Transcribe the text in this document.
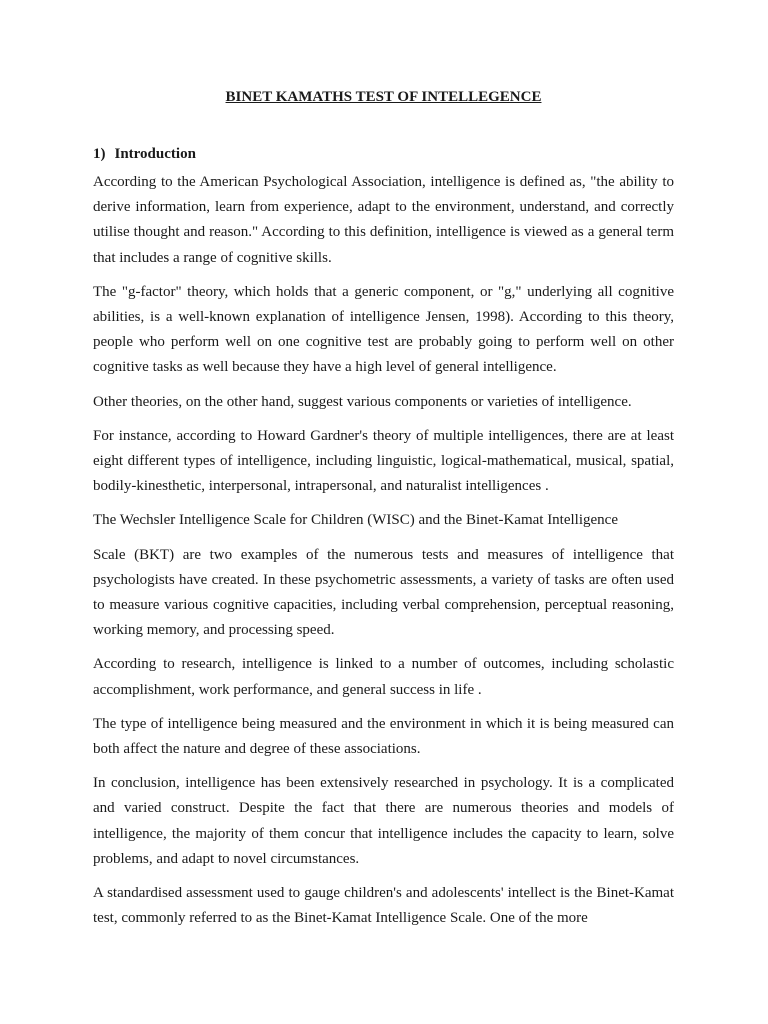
BINET KAMATHS TEST OF INTELLEGENCE
1) Introduction

According to the American Psychological Association, intelligence is defined as, "the ability to derive information, learn from experience, adapt to the environment, understand, and correctly utilise thought and reason." According to this definition, intelligence is viewed as a general term that includes a range of cognitive skills.

The "g-factor" theory, which holds that a generic component, or "g," underlying all cognitive abilities, is a well-known explanation of intelligence Jensen, 1998). According to this theory, people who perform well on one cognitive test are probably going to perform well on other cognitive tasks as well because they have a high level of general intelligence.

Other theories, on the other hand, suggest various components or varieties of intelligence.

For instance, according to Howard Gardner's theory of multiple intelligences, there are at least eight different types of intelligence, including linguistic, logical-mathematical, musical, spatial, bodily-kinesthetic, interpersonal, intrapersonal, and naturalist intelligences .

The Wechsler Intelligence Scale for Children (WISC) and the Binet-Kamat Intelligence

Scale (BKT) are two examples of the numerous tests and measures of intelligence that psychologists have created. In these psychometric assessments, a variety of tasks are often used to measure various cognitive capacities, including verbal comprehension, perceptual reasoning, working memory, and processing speed.

According to research, intelligence is linked to a number of outcomes, including scholastic accomplishment, work performance, and general success in life .

The type of intelligence being measured and the environment in which it is being measured can both affect the nature and degree of these associations.

In conclusion, intelligence has been extensively researched in psychology. It is a complicated and varied construct. Despite the fact that there are numerous theories and models of intelligence, the majority of them concur that intelligence includes the capacity to learn, solve problems, and adapt to novel circumstances.

A standardised assessment used to gauge children's and adolescents' intellect is the Binet-Kamat test, commonly referred to as the Binet-Kamat Intelligence Scale. One of the more
